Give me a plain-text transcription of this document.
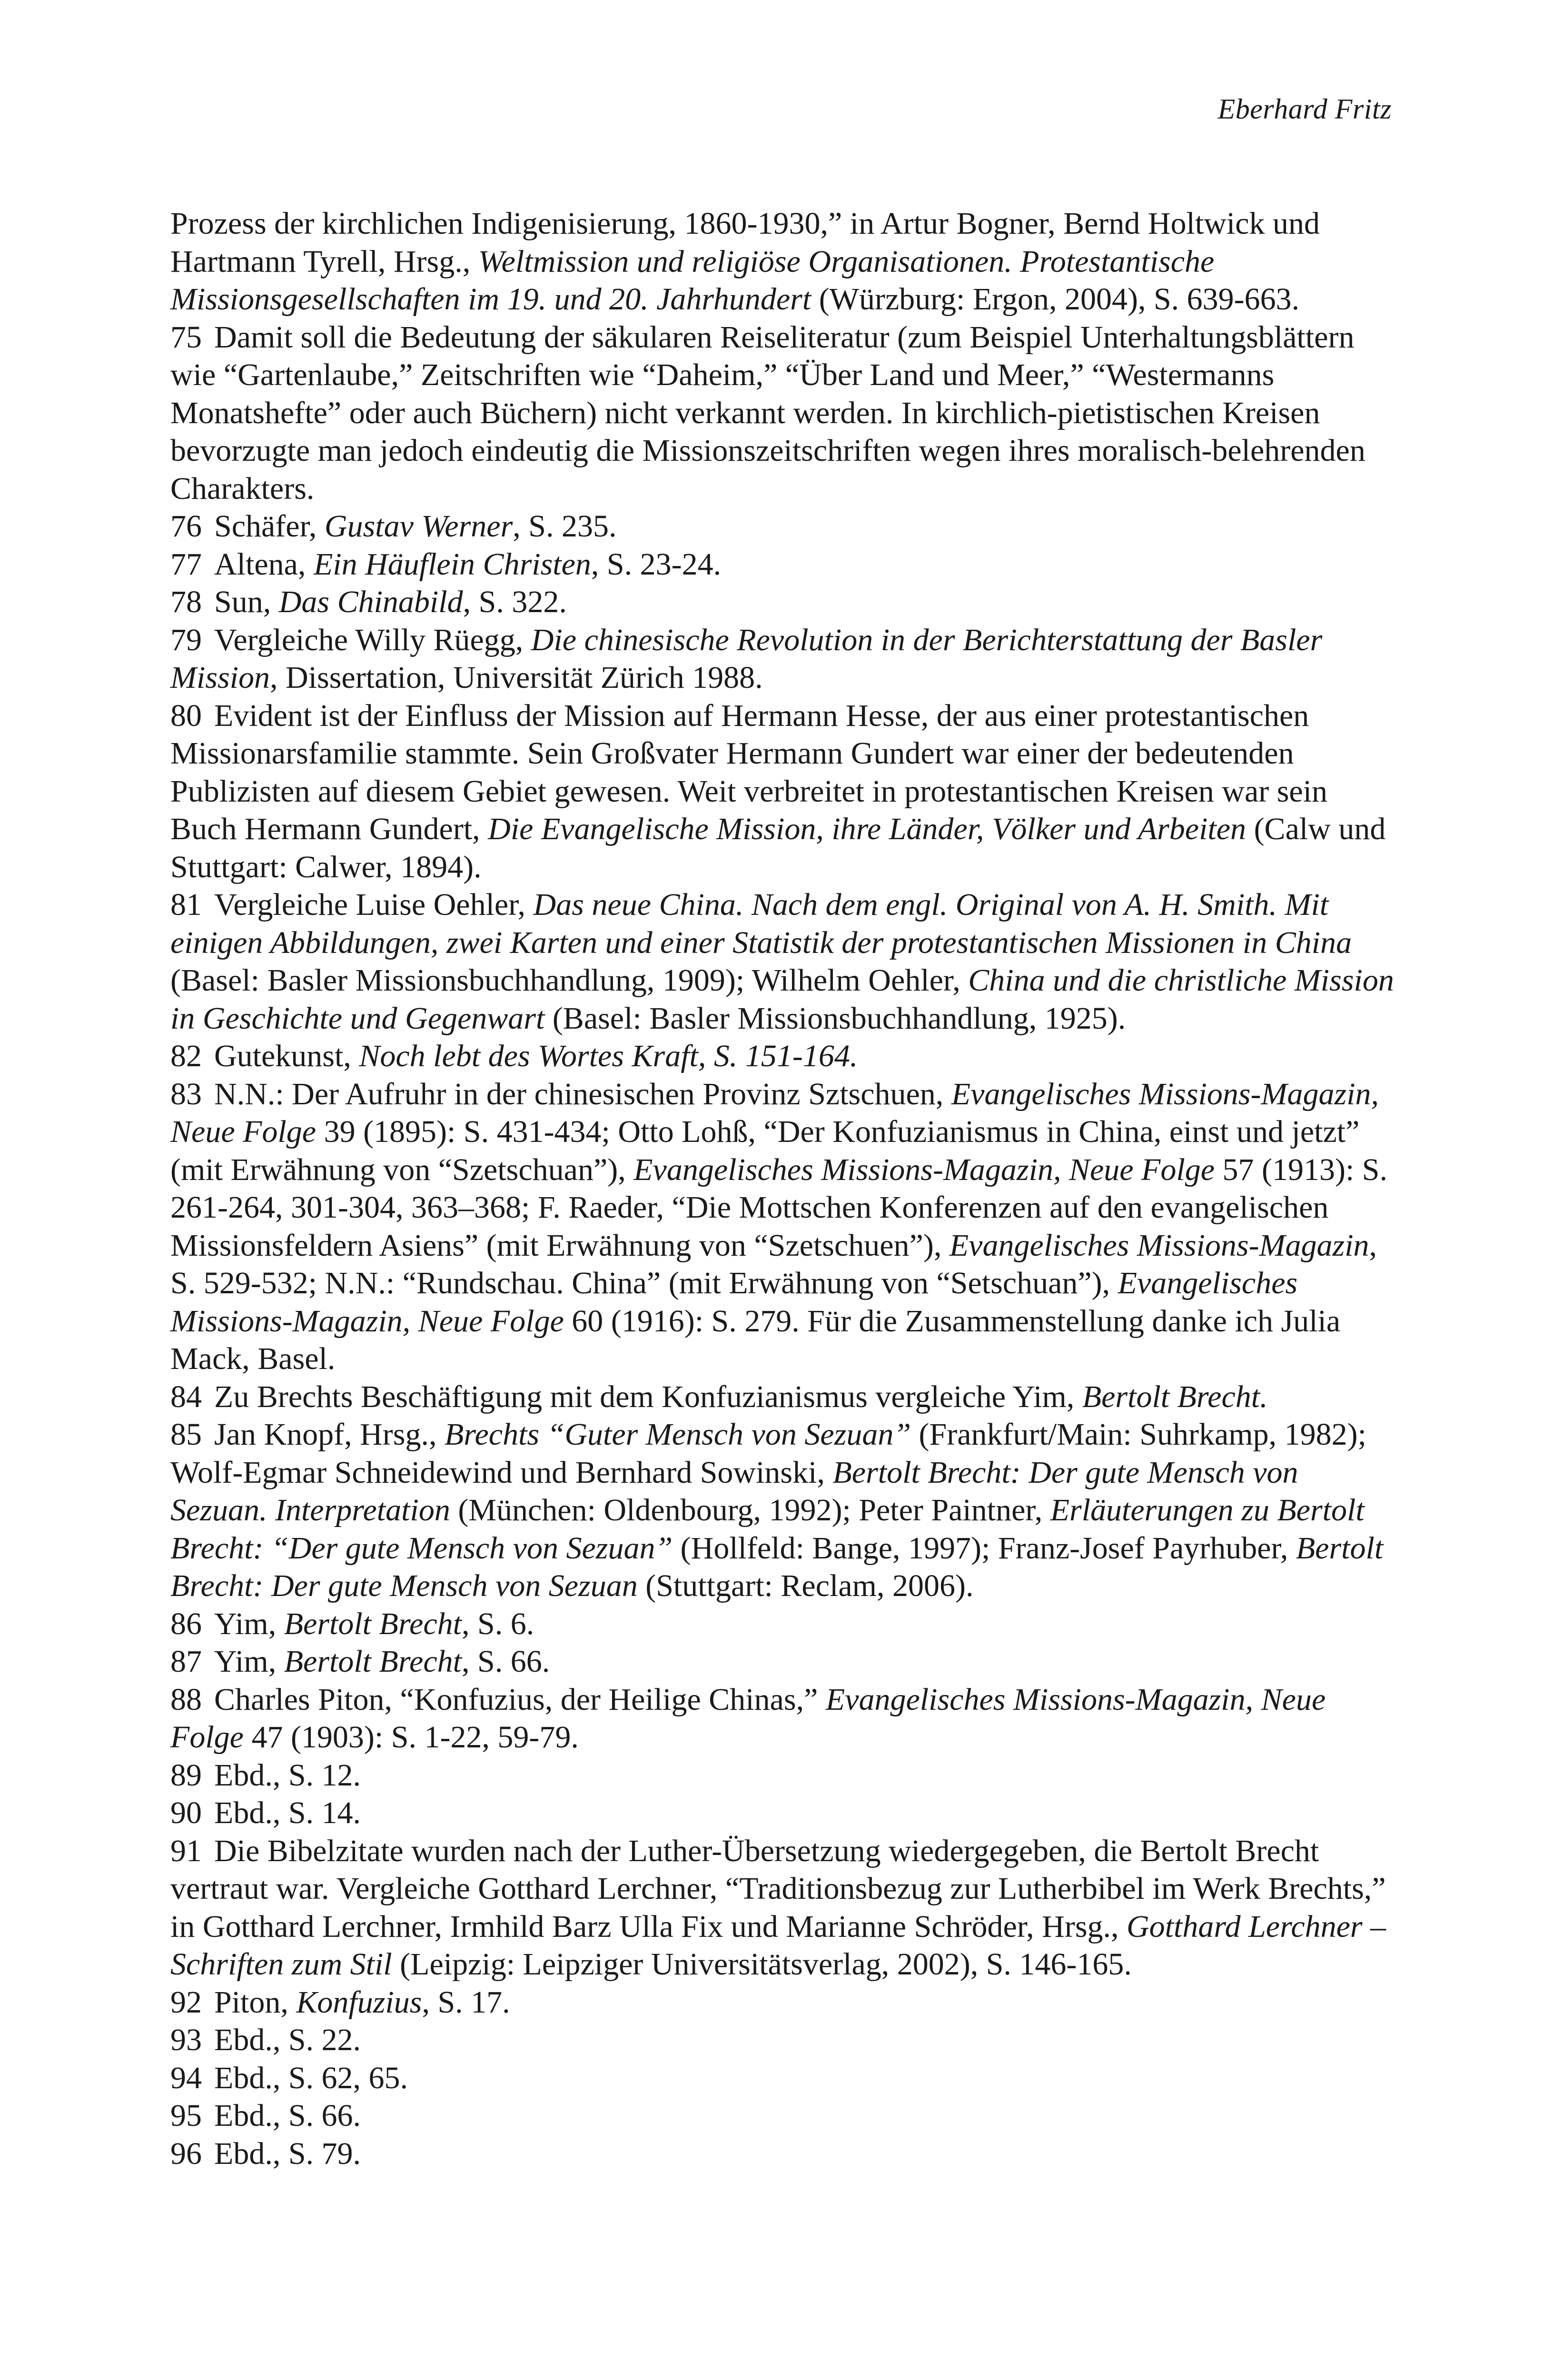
Eberhard Fritz

Prozess der kirchlichen Indigenisierung, 1860-1930,” in Artur Bogner, Bernd Holtwick und Hartmann Tyrell, Hrsg., Weltmission und religiöse Organisationen. Protestantische Missionsgesellschaften im 19. und 20. Jahrhundert (Würzburg: Ergon, 2004), S. 639-663.

75 Damit soll die Bedeutung der säkularen Reiseliteratur (zum Beispiel Unterhaltungsblättern wie “Gartenlaube,” Zeitschriften wie “Daheim,” “Über Land und Meer,” “Westermanns Monatshefte” oder auch Büchern) nicht verkannt werden. In kirchlich-pietistischen Kreisen bevorzugte man jedoch eindeutig die Missionszeitschriften wegen ihres moralisch-belehrenden Charakters.

76 Schäfer, Gustav Werner, S. 235.

77 Altena, Ein Häuflein Christen, S. 23-24.

78 Sun, Das Chinabild, S. 322.

79 Vergleiche Willy Rüegg, Die chinesische Revolution in der Berichterstattung der Basler Mission, Dissertation, Universität Zürich 1988.

80 Evident ist der Einfluss der Mission auf Hermann Hesse, der aus einer protestantischen Missionarsfamilie stammte. Sein Großvater Hermann Gundert war einer der bedeutenden Publizisten auf diesem Gebiet gewesen. Weit verbreitet in protestantischen Kreisen war sein Buch Hermann Gundert, Die Evangelische Mission, ihre Länder, Völker und Arbeiten (Calw und Stuttgart: Calwer, 1894).

81 Vergleiche Luise Oehler, Das neue China. Nach dem engl. Original von A. H. Smith. Mit einigen Abbildungen, zwei Karten und einer Statistik der protestantischen Missionen in China (Basel: Basler Missionsbuchhandlung, 1909); Wilhelm Oehler, China und die christliche Mission in Geschichte und Gegenwart (Basel: Basler Missionsbuchhandlung, 1925).

82 Gutekunst, Noch lebt des Wortes Kraft, S. 151-164.

83 N.N.: Der Aufruhr in der chinesischen Provinz Sztschuen, Evangelisches Missions-Magazin, Neue Folge 39 (1895): S. 431-434; Otto Lohß, “Der Konfuzianismus in China, einst und jetzt” (mit Erwähnung von “Szetschuan”), Evangelisches Missions-Magazin, Neue Folge 57 (1913): S. 261-264, 301-304, 363–368; F. Raeder, “Die Mottschen Konferenzen auf den evangelischen Missionsfeldern Asiens” (mit Erwähnung von “Szetschuen”), Evangelisches Missions-Magazin, S. 529-532; N.N.: “Rundschau. China” (mit Erwähnung von “Setschuan”), Evangelisches Missions-Magazin, Neue Folge 60 (1916): S. 279. Für die Zusammenstellung danke ich Julia Mack, Basel.

84 Zu Brechts Beschäftigung mit dem Konfuzianismus vergleiche Yim, Bertolt Brecht.

85 Jan Knopf, Hrsg., Brechts “Guter Mensch von Sezuan” (Frankfurt/Main: Suhrkamp, 1982); Wolf-Egmar Schneidewind und Bernhard Sowinski, Bertolt Brecht: Der gute Mensch von Sezuan. Interpretation (München: Oldenbourg, 1992); Peter Paintner, Erläuterungen zu Bertolt Brecht: “Der gute Mensch von Sezuan” (Hollfeld: Bange, 1997); Franz-Josef Payrhuber, Bertolt Brecht: Der gute Mensch von Sezuan (Stuttgart: Reclam, 2006).

86 Yim, Bertolt Brecht, S. 6.

87 Yim, Bertolt Brecht, S. 66.

88 Charles Piton, “Konfuzius, der Heilige Chinas,” Evangelisches Missions-Magazin, Neue Folge 47 (1903): S. 1-22, 59-79.

89 Ebd., S. 12.

90 Ebd., S. 14.

91 Die Bibelzitate wurden nach der Luther-Übersetzung wiedergegeben, die Bertolt Brecht vertraut war. Vergleiche Gotthard Lerchner, “Traditionsbezug zur Lutherbibel im Werk Brechts,” in Gotthard Lerchner, Irmhild Barz Ulla Fix und Marianne Schröder, Hrsg., Gotthard Lerchner – Schriften zum Stil (Leipzig: Leipziger Universitätsverlag, 2002), S. 146-165.

92 Piton, Konfuzius, S. 17.

93 Ebd., S. 22.

94 Ebd., S. 62, 65.

95 Ebd., S. 66.

96 Ebd., S. 79.
